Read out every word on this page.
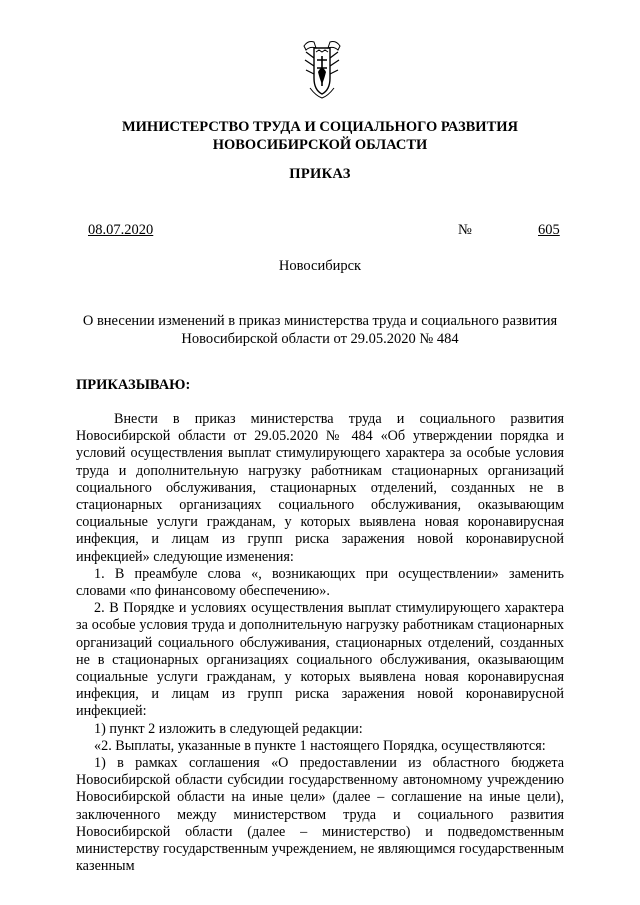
МИНИСТЕРСТВО ТРУДА И СОЦИАЛЬНОГО РАЗВИТИЯ
НОВОСИБИРСКОЙ ОБЛАСТИ
ПРИКАЗ
08.07.2020	№	605
Новосибирск
О внесении изменений в приказ министерства труда и социального развития
Новосибирской области от 29.05.2020 № 484
ПРИКАЗЫВАЮ:

Внести в приказ министерства труда и социального развития Новосибирской области от 29.05.2020 № 484 «Об утверждении порядка и условий осуществления выплат стимулирующего характера за особые условия труда и дополнительную нагрузку работникам стационарных организаций социального обслуживания, стационарных отделений, созданных не в стационарных организациях социального обслуживания, оказывающим социальные услуги гражданам, у которых выявлена новая коронавирусная инфекция, и лицам из групп риска заражения новой коронавирусной инфекцией» следующие изменения:

1. В преамбуле слова «, возникающих при осуществлении» заменить словами «по финансовому обеспечению».

2. В Порядке и условиях осуществления выплат стимулирующего характера за особые условия труда и дополнительную нагрузку работникам стационарных организаций социального обслуживания, стационарных отделений, созданных не в стационарных организациях социального обслуживания, оказывающим социальные услуги гражданам, у которых выявлена новая коронавирусная инфекция, и лицам из групп риска заражения новой коронавирусной инфекцией:

1) пункт 2 изложить в следующей редакции:

«2. Выплаты, указанные в пункте 1 настоящего Порядка, осуществляются:

1) в рамках соглашения «О предоставлении из областного бюджета Новосибирской области субсидии государственному автономному учреждению Новосибирской области на иные цели» (далее – соглашение на иные цели), заключенного между министерством труда и социального развития Новосибирской области (далее – министерство) и подведомственным министерству государственным учреждением, не являющимся государственным казенным
